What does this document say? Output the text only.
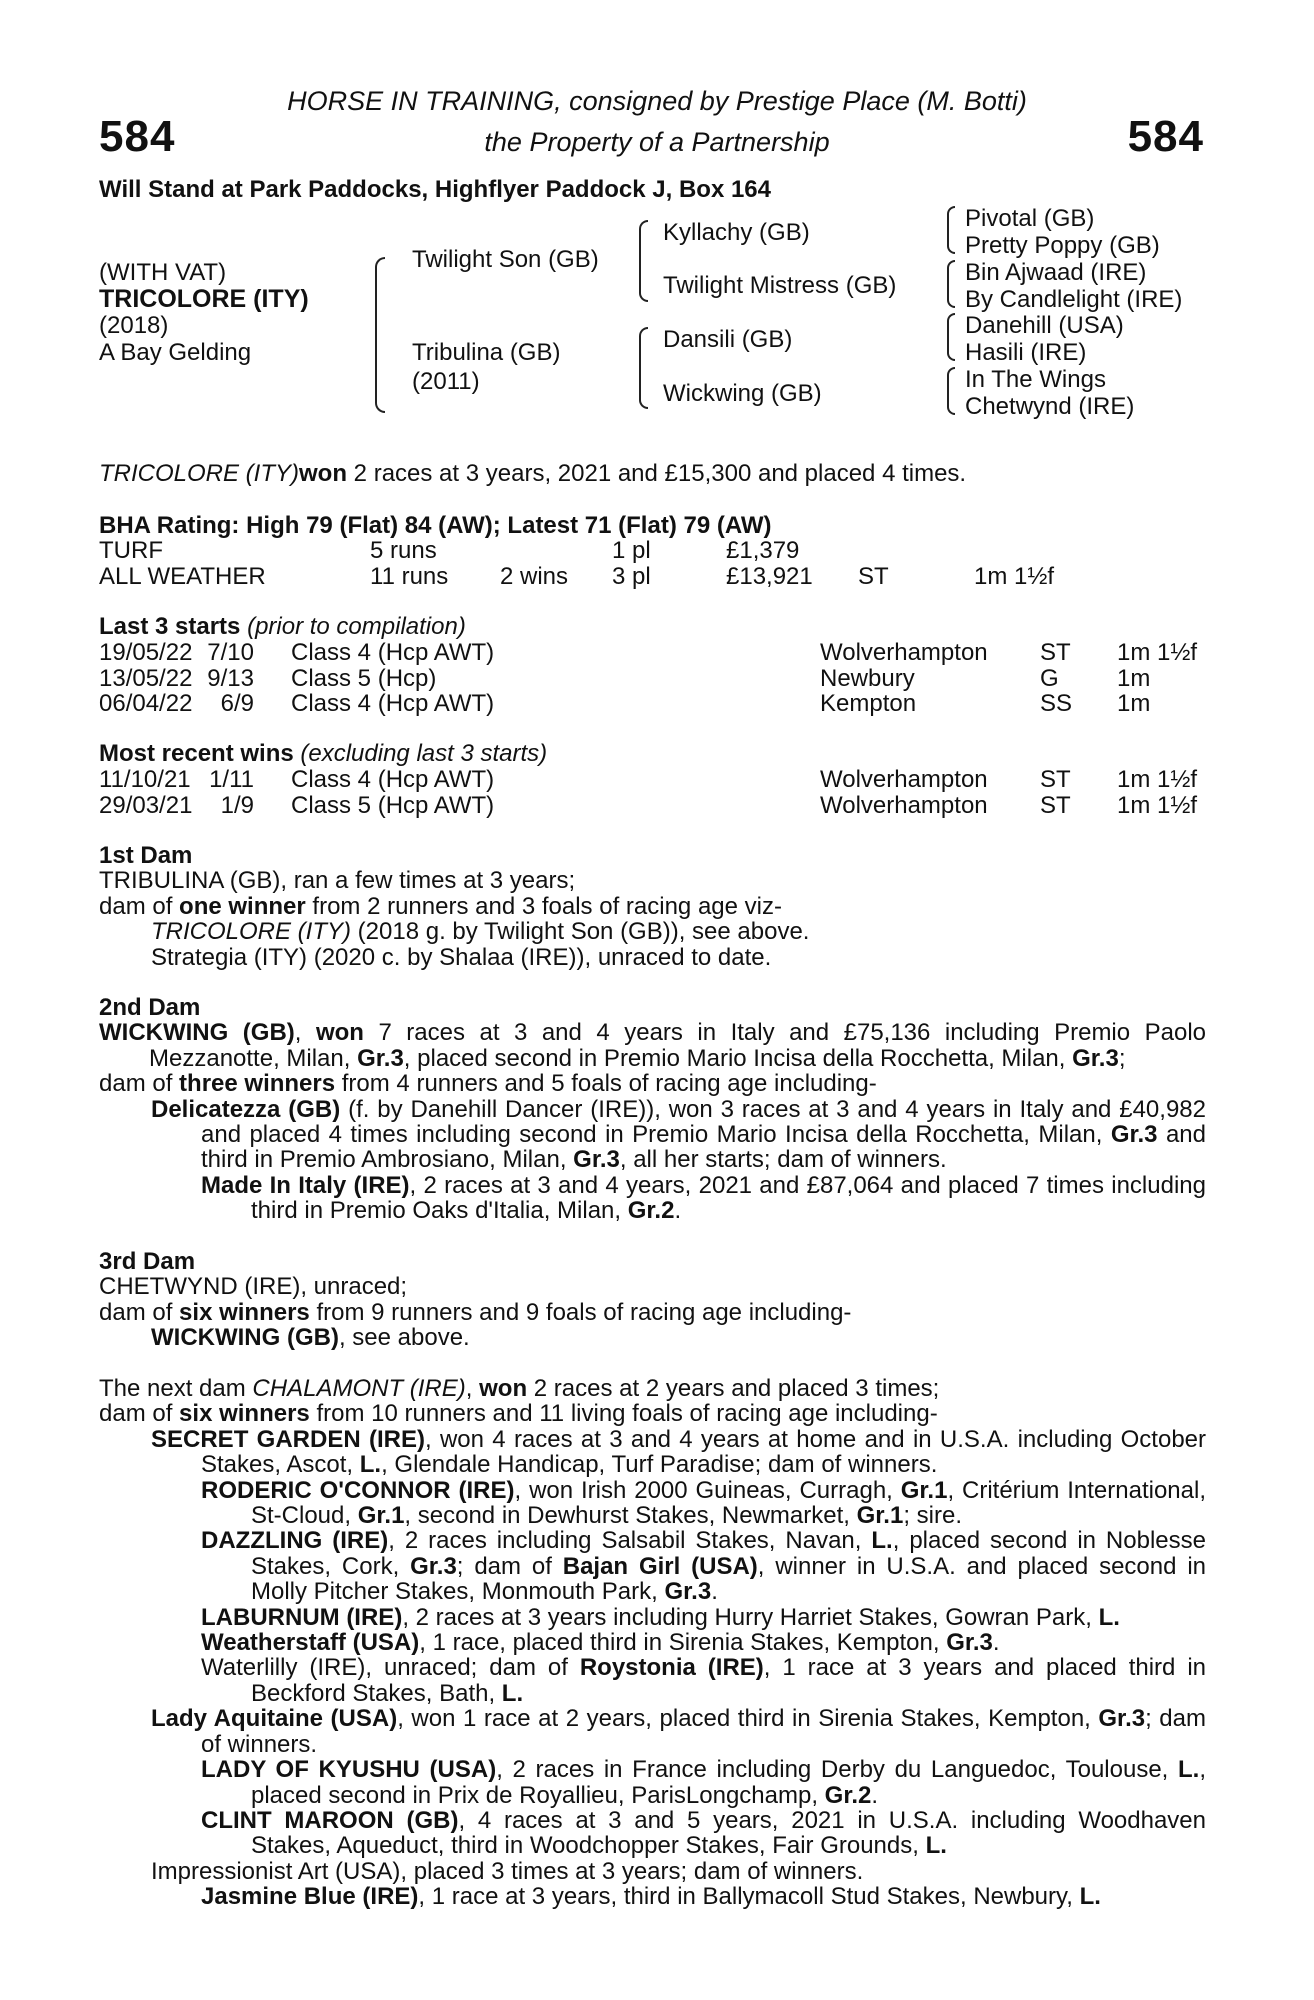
584	584
HORSE IN TRAINING, consigned by Prestige Place (M. Botti)
the Property of a Partnership
Will Stand at Park Paddocks, Highflyer Paddock J, Box 164
(WITH VAT)
TRICOLORE (ITY)
(2018)
A Bay Gelding
Twilight Son (GB)
Tribulina (GB)
(2011)
Kyllachy (GB)
Twilight Mistress (GB)
Dansili (GB)
Wickwing (GB)
Pivotal (GB)
Pretty Poppy (GB)
Bin Ajwaad (IRE)
By Candlelight (IRE)
Danehill (USA)
Hasili (IRE)
In The Wings
Chetwynd (IRE)
TRICOLORE (ITY)won 2 races at 3 years, 2021 and £15,300 and placed 4 times.
BHA Rating: High 79 (Flat) 84 (AW); Latest 71 (Flat) 79 (AW)
TURF	5 runs	1 pl	£1,379
ALL WEATHER	11 runs 2 wins 3 pl	£13,921 ST	1m 1½f
Last 3 starts (prior to compilation)
19/05/22 7/10 Class 4 (Hcp AWT)	Wolverhampton ST 1m 1½f
13/05/22 9/13 Class 5 (Hcp)	Newbury	G 1m
06/04/22 6/9 Class 4 (Hcp AWT)	Kempton	SS 1m
Most recent wins (excluding last 3 starts)
11/10/21 1/11 Class 4 (Hcp AWT)	Wolverhampton ST 1m 1½f
29/03/21 1/9 Class 5 (Hcp AWT)	Wolverhampton ST 1m 1½f

1st Dam

TRIBULINA (GB), ran a few times at 3 years;

dam of one winner from 2 runners and 3 foals of racing age viz-

TRICOLORE (ITY) (2018 g. by Twilight Son (GB)), see above.

Strategia (ITY) (2020 c. by Shalaa (IRE)), unraced to date.

2nd Dam

WICKWING (GB), won 7 races at 3 and 4 years in Italy and £75,136 including Premio Paolo Mezzanotte, Milan, Gr.3, placed second in Premio Mario Incisa della Rocchetta, Milan, Gr.3;

dam of three winners from 4 runners and 5 foals of racing age including-

Delicatezza (GB) (f. by Danehill Dancer (IRE)), won 3 races at 3 and 4 years in Italy and £40,982 and placed 4 times including second in Premio Mario Incisa della Rocchetta, Milan, Gr.3 and third in Premio Ambrosiano, Milan, Gr.3, all her starts; dam of winners.

Made In Italy (IRE), 2 races at 3 and 4 years, 2021 and £87,064 and placed 7 times including third in Premio Oaks d'Italia, Milan, Gr.2.

3rd Dam

CHETWYND (IRE), unraced;

dam of six winners from 9 runners and 9 foals of racing age including-

WICKWING (GB), see above.

The next dam CHALAMONT (IRE), won 2 races at 2 years and placed 3 times;

dam of six winners from 10 runners and 11 living foals of racing age including-

SECRET GARDEN (IRE), won 4 races at 3 and 4 years at home and in U.S.A. including October Stakes, Ascot, L., Glendale Handicap, Turf Paradise; dam of winners.

RODERIC O'CONNOR (IRE), won Irish 2000 Guineas, Curragh, Gr.1, Critérium International, St-Cloud, Gr.1, second in Dewhurst Stakes, Newmarket, Gr.1; sire.

DAZZLING (IRE), 2 races including Salsabil Stakes, Navan, L., placed second in Noblesse Stakes, Cork, Gr.3; dam of Bajan Girl (USA), winner in U.S.A. and placed second in Molly Pitcher Stakes, Monmouth Park, Gr.3.

LABURNUM (IRE), 2 races at 3 years including Hurry Harriet Stakes, Gowran Park, L.

Weatherstaff (USA), 1 race, placed third in Sirenia Stakes, Kempton, Gr.3.

Waterlilly (IRE), unraced; dam of Roystonia (IRE), 1 race at 3 years and placed third in Beckford Stakes, Bath, L.

Lady Aquitaine (USA), won 1 race at 2 years, placed third in Sirenia Stakes, Kempton, Gr.3; dam of winners.

LADY OF KYUSHU (USA), 2 races in France including Derby du Languedoc, Toulouse, L., placed second in Prix de Royallieu, ParisLongchamp, Gr.2.

CLINT MAROON (GB), 4 races at 3 and 5 years, 2021 in U.S.A. including Woodhaven Stakes, Aqueduct, third in Woodchopper Stakes, Fair Grounds, L.

Impressionist Art (USA), placed 3 times at 3 years; dam of winners.

Jasmine Blue (IRE), 1 race at 3 years, third in Ballymacoll Stud Stakes, Newbury, L.
